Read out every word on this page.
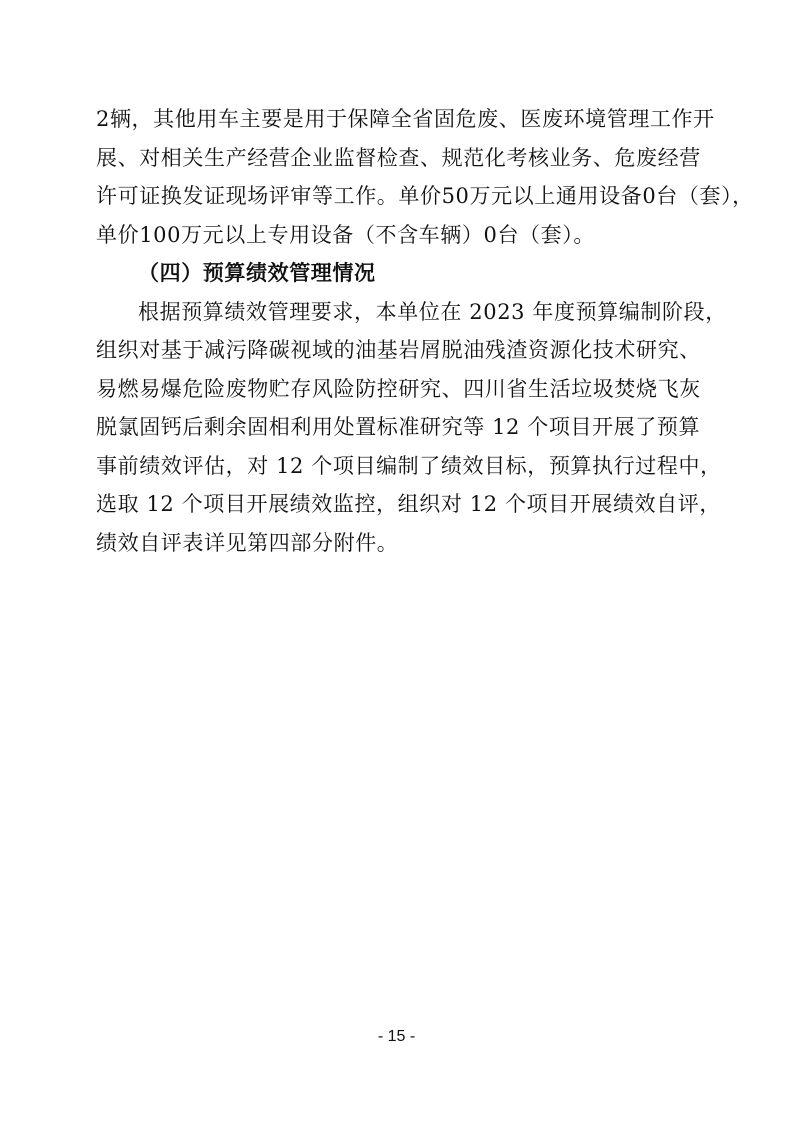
2辆，其他用车主要是用于保障全省固危废、医废环境管理工作开
展、对相关生产经营企业监督检查、规范化考核业务、危废经营
许可证换发证现场评审等工作。单价50万元以上通用设备0台（套），
单价100万元以上专用设备（不含车辆）0台（套）。
（四）预算绩效管理情况
根据预算绩效管理要求，本单位在 2023 年度预算编制阶段，
组织对基于减污降碳视域的油基岩屑脱油残渣资源化技术研究、
易燃易爆危险废物贮存风险防控研究、四川省生活垃圾焚烧飞灰
脱氯固钙后剩余固相利用处置标准研究等 12 个项目开展了预算
事前绩效评估，对 12 个项目编制了绩效目标，预算执行过程中，
选取 12 个项目开展绩效监控，组织对 12 个项目开展绩效自评，
绩效自评表详见第四部分附件。
- 15 -
